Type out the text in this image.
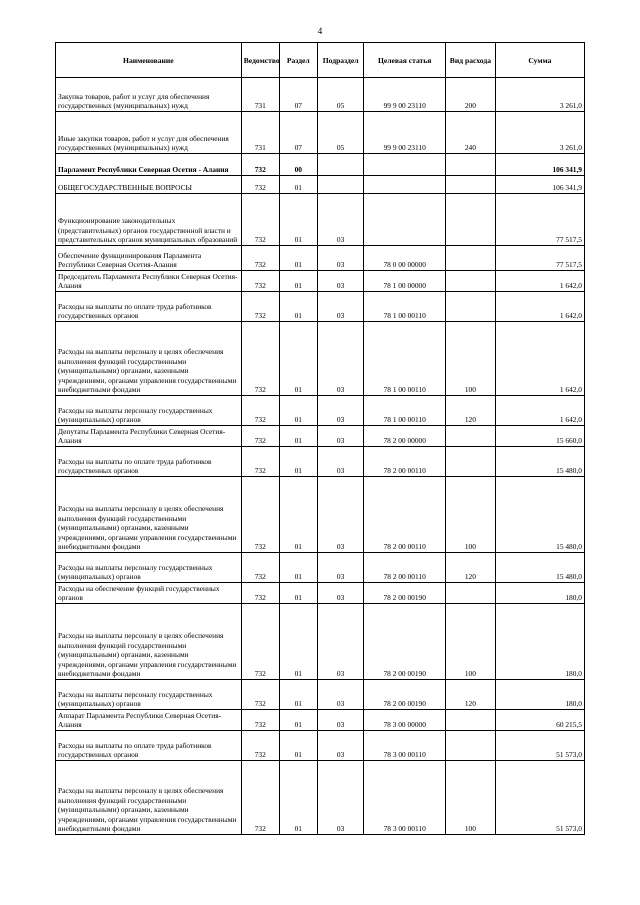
4
Наименование	Ведомство	Раздел	Подраздел	Целевая статья	Вид расхода	Сумма
Закупка товаров, работ и услуг для обеспечения государственных (муниципальных) нужд	731	07	05	99 9 00 23110	200	3 261,0
Иные закупки товаров, работ и услуг для обеспечения государственных (муниципальных) нужд	731	07	05	99 9 00 23110	240	3 261,0
Парламент Республики Северная Осетия - Алания	732	00				106 341,9
ОБЩЕГОСУДАРСТВЕННЫЕ ВОПРОСЫ	732	01				106 341,9
Функционирование законодательных (представительных) органов государственной власти и представительных органов муниципальных образований	732	01	03			77 517,5
Обеспечение функционирования Парламента Республики Северная Осетия-Алания	732	01	03	78 0 00 00000		77 517,5
Председатель Парламента Республики Северная Осетия-Алания	732	01	03	78 1 00 00000		1 642,0
Расходы на выплаты по оплате труда работников государственных органов	732	01	03	78 1 00 00110		1 642,0
Расходы на выплаты персоналу в целях обеспечения выполнения функций государственными (муниципальными) органами, казенными учреждениями, органами управления государственными внебюджетными фондами	732	01	03	78 1 00 00110	100	1 642,0
Расходы на выплаты персоналу государственных (муниципальных) органов	732	01	03	78 1 00 00110	120	1 642,0
Депутаты Парламента Республики Северная Осетия-Алания	732	01	03	78 2 00 00000		15 660,0
Расходы на выплаты по оплате труда работников государственных органов	732	01	03	78 2 00 00110		15 480,0
Расходы на выплаты персоналу в целях обеспечения выполнения функций государственными (муниципальными) органами, казенными учреждениями, органами управления государственными внебюджетными фондами	732	01	03	78 2 00 00110	100	15 480,0
Расходы на выплаты персоналу государственных (муниципальных) органов	732	01	03	78 2 00 00110	120	15 480,0
Расходы на обеспечение функций государственных органов	732	01	03	78 2 00 00190		180,0
Расходы на выплаты персоналу в целях обеспечения выполнения функций государственными (муниципальными) органами, казенными учреждениями, органами управления государственными внебюджетными фондами	732	01	03	78 2 00 00190	100	180,0
Расходы на выплаты персоналу государственных (муниципальных) органов	732	01	03	78 2 00 00190	120	180,0
Аппарат Парламента Республики Северная Осетия-Алания	732	01	03	78 3 00 00000		60 215,5
Расходы на выплаты по оплате труда работников государственных органов	732	01	03	78 3 00 00110		51 573,0
Расходы на выплаты персоналу в целях обеспечения выполнения функций государственными (муниципальными) органами, казенными учреждениями, органами управления государственными внебюджетными фондами	732	01	03	78 3 00 00110	100	51 573,0
